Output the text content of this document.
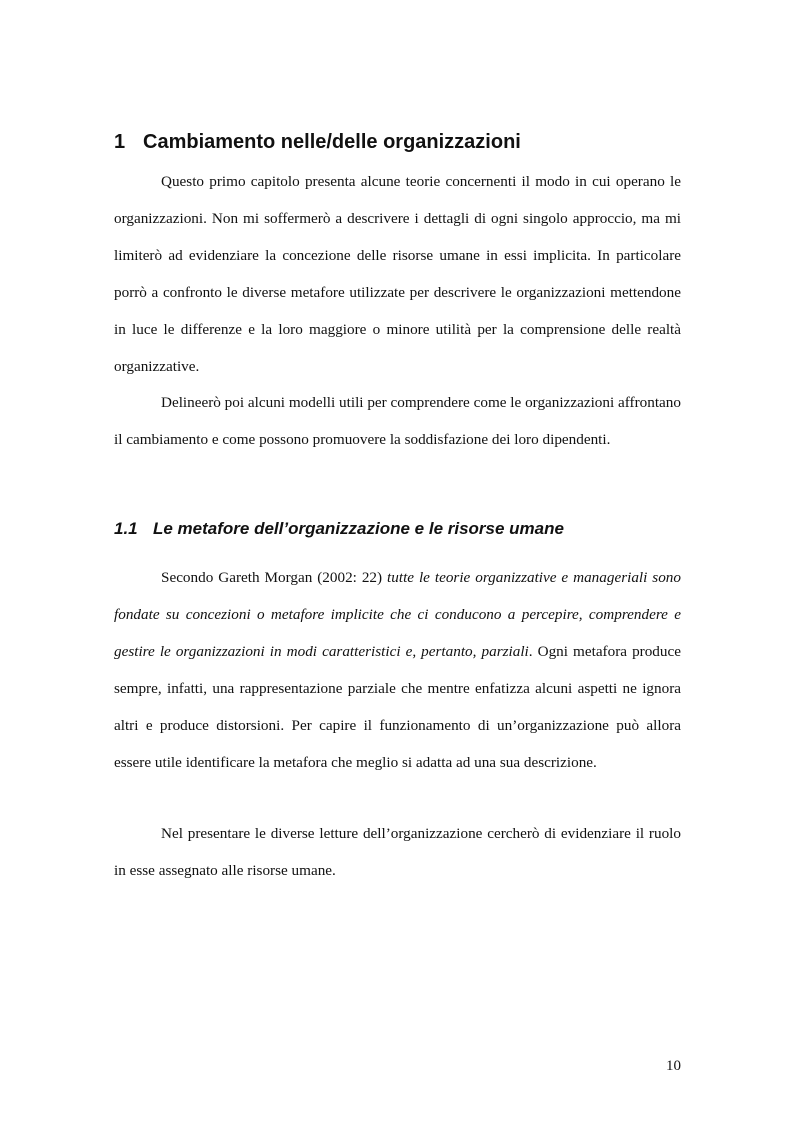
1 Cambiamento nelle/delle organizzazioni

Questo primo capitolo presenta alcune teorie concernenti il modo in cui operano le organizzazioni. Non mi soffermerò a descrivere i dettagli di ogni singolo approccio, ma mi limiterò ad evidenziare la concezione delle risorse umane in essi implicita. In particolare porrò a confronto le diverse metafore utilizzate per descrivere le organizzazioni mettendone in luce le differenze e la loro maggiore o minore utilità per la comprensione delle realtà organizzative.

Delineerò poi alcuni modelli utili per comprendere come le organizzazioni affrontano il cambiamento e come possono promuovere la soddisfazione dei loro dipendenti.

1.1 Le metafore dell’organizzazione e le risorse umane

Secondo Gareth Morgan (2002: 22) tutte le teorie organizzative e manageriali sono fondate su concezioni o metafore implicite che ci conducono a percepire, comprendere e gestire le organizzazioni in modi caratteristici e, pertanto, parziali. Ogni metafora produce sempre, infatti, una rappresentazione parziale che mentre enfatizza alcuni aspetti ne ignora altri e produce distorsioni. Per capire il funzionamento di un’organizzazione può allora essere utile identificare la metafora che meglio si adatta ad una sua descrizione.

Nel presentare le diverse letture dell’organizzazione cercherò di evidenziare il ruolo in esse assegnato alle risorse umane.

10
